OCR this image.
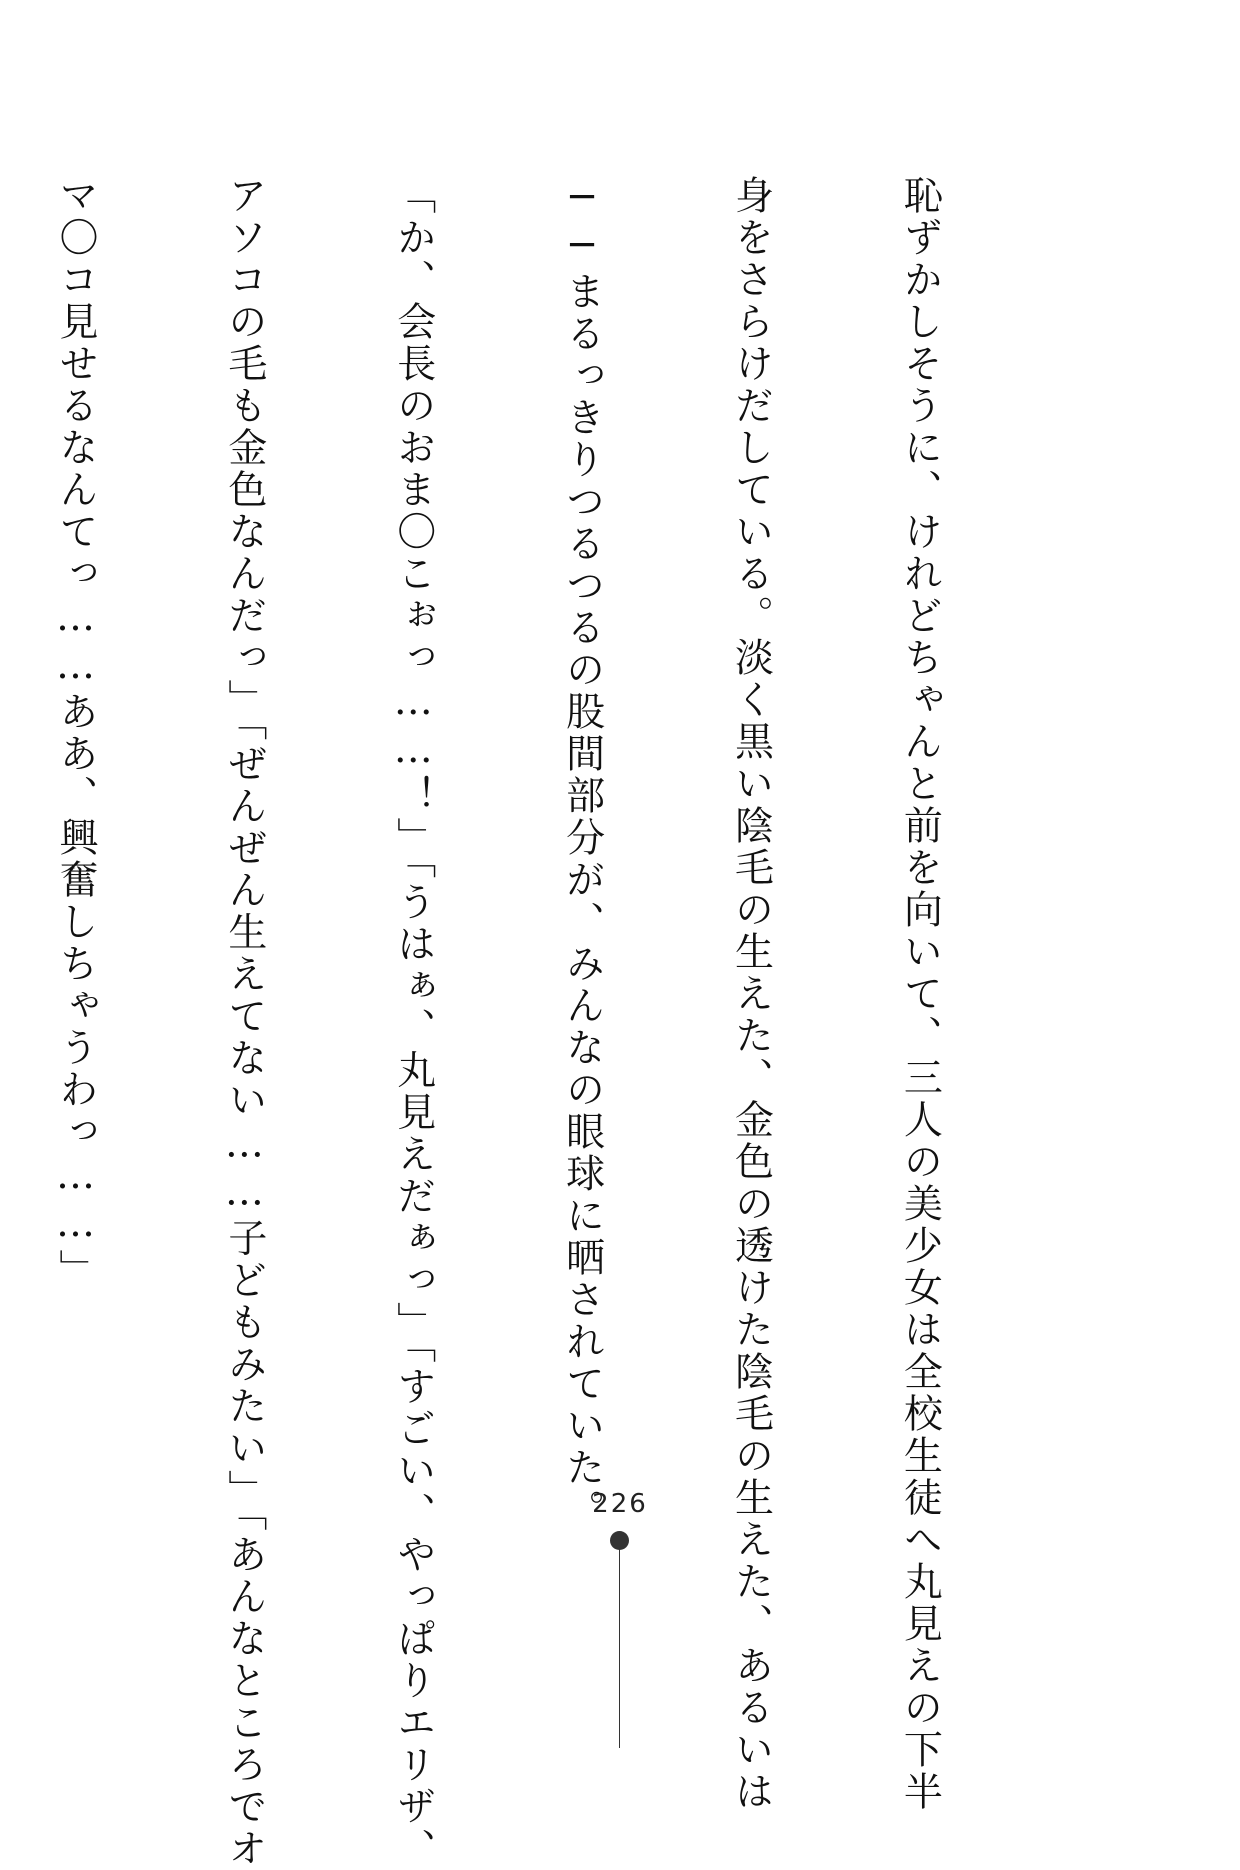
恥ずかしそうに、けれどちゃんと前を向いて、三人の美少女は全校生徒へ丸見えの下半

身をさらけだしている。淡く黒い陰毛の生えた、金色の透けた陰毛の生えた、あるいは

──まるっきりつるつるの股間部分が、みんなの眼球に晒されていた。

「か、会長のおま〇こぉっ……！」「うはぁ、丸見えだぁっ」「すごい、やっぱりエリザ、

アソコの毛も金色なんだっ」「ぜんぜん生えてない……子どもみたい」「あんなところでオ

マ〇コ見せるなんてっ……ああ、興奮しちゃうわっ……」

226
